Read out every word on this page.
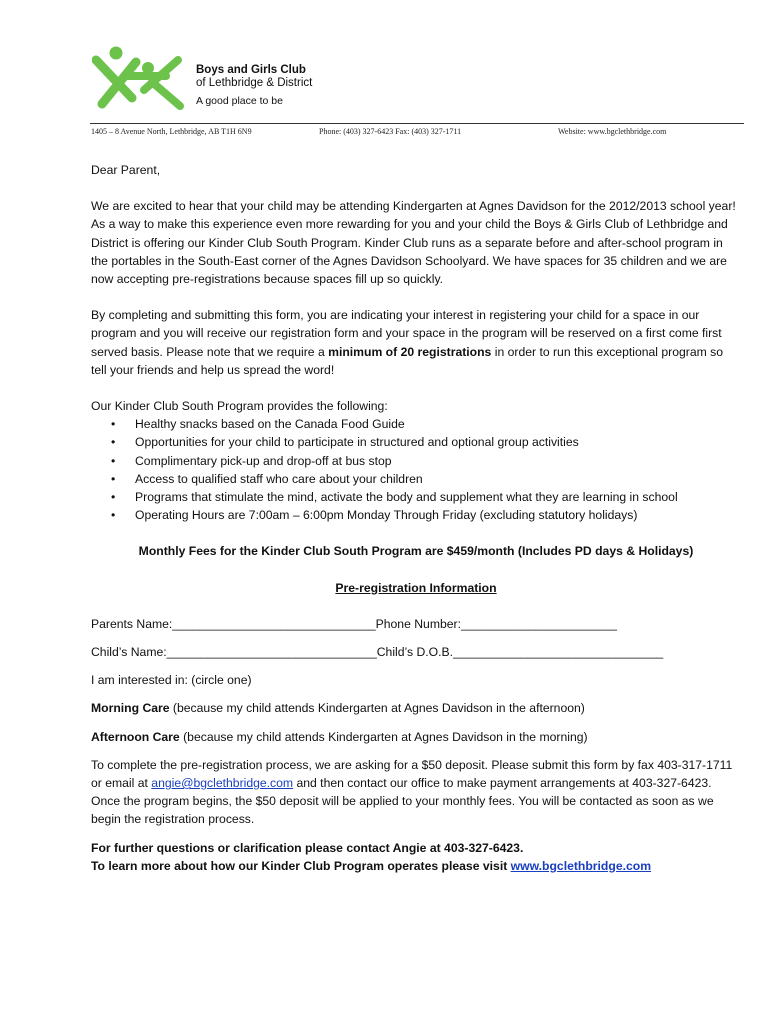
Boys and Girls Club
of Lethbridge & District
A good place to be
1405 – 8 Avenue North, Lethbridge, AB T1H 6N9	Phone: (403) 327-6423 Fax: (403) 327-1711	Website: www.bgclethbridge.com

Dear Parent,

We are excited to hear that your child may be attending Kindergarten at Agnes Davidson for the 2012/2013 school year! As a way to make this experience even more rewarding for you and your child the Boys & Girls Club of Lethbridge and District is offering our Kinder Club South Program. Kinder Club runs as a separate before and after-school program in the portables in the South-East corner of the Agnes Davidson Schoolyard. We have spaces for 35 children and we are now accepting pre-registrations because spaces fill up so quickly.

By completing and submitting this form, you are indicating your interest in registering your child for a space in our program and you will receive our registration form and your space in the program will be reserved on a first come first served basis. Please note that we require a minimum of 20 registrations in order to run this exceptional program so tell your friends and help us spread the word!

Our Kinder Club South Program provides the following:

• Healthy snacks based on the Canada Food Guide
• Opportunities for your child to participate in structured and optional group activities
• Complimentary pick-up and drop-off at bus stop
• Access to qualified staff who care about your children
• Programs that stimulate the mind, activate the body and supplement what they are learning in school
• Operating Hours are 7:00am – 6:00pm Monday Through Friday (excluding statutory holidays)

Monthly Fees for the Kinder Club South Program are $459/month (Includes PD days & Holidays)

Pre-registration Information

Parents Name:______________________________Phone Number:_______________________

Child’s Name:_______________________________Child’s D.O.B._______________________________

I am interested in: (circle one)

Morning Care (because my child attends Kindergarten at Agnes Davidson in the afternoon)

Afternoon Care (because my child attends Kindergarten at Agnes Davidson in the morning)

To complete the pre-registration process, we are asking for a $50 deposit. Please submit this form by fax 403-317-1711 or email at angie@bgclethbridge.com and then contact our office to make payment arrangements at 403-327-6423. Once the program begins, the $50 deposit will be applied to your monthly fees. You will be contacted as soon as we begin the registration process.

For further questions or clarification please contact Angie at 403-327-6423.

To learn more about how our Kinder Club Program operates please visit www.bgclethbridge.com
